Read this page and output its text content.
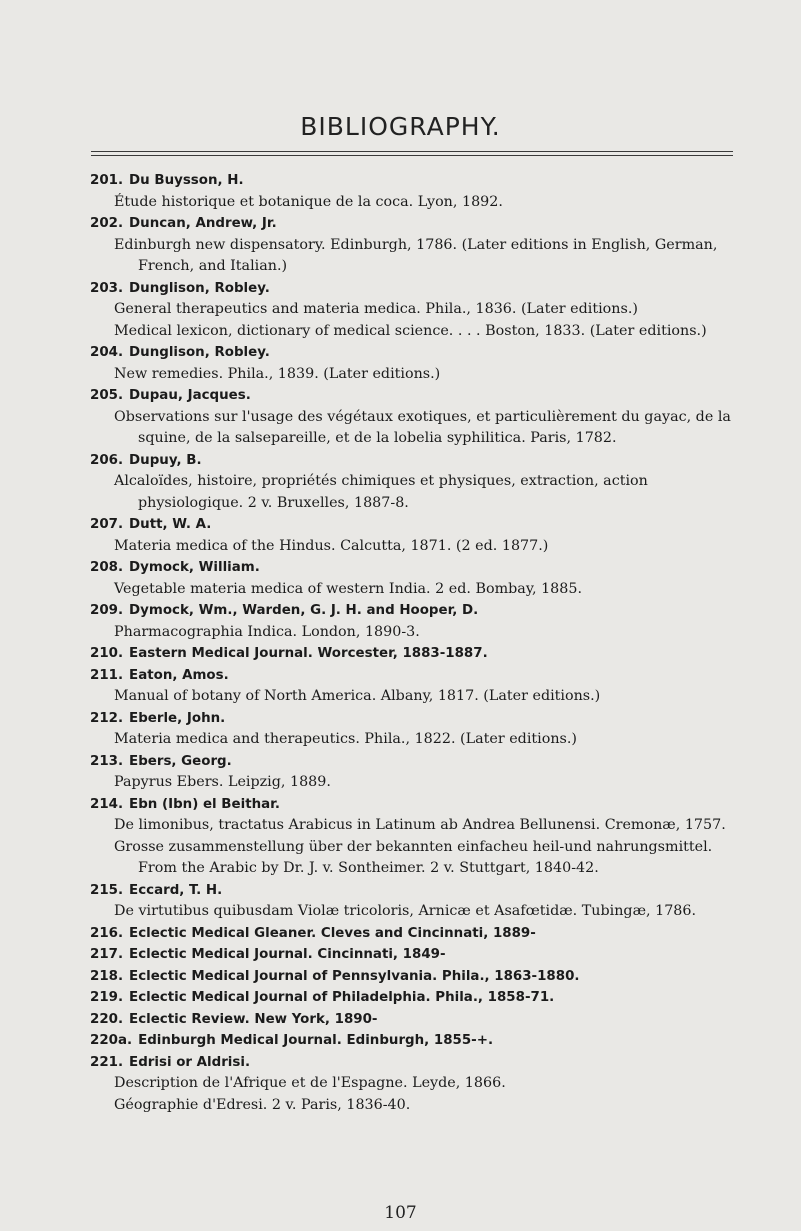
BIBLIOGRAPHY.
201. Du Buysson, H.
Étude historique et botanique de la coca. Lyon, 1892.
202. Duncan, Andrew, Jr.
Edinburgh new dispensatory. Edinburgh, 1786. (Later editions in English, German, French, and Italian.)
203. Dunglison, Robley.
General therapeutics and materia medica. Phila., 1836. (Later editions.)
Medical lexicon, dictionary of medical science. . . . Boston, 1833. (Later editions.)
204. Dunglison, Robley.
New remedies. Phila., 1839. (Later editions.)
205. Dupau, Jacques.
Observations sur l'usage des végétaux exotiques, et particulièrement du gayac, de la squine, de la salsepareille, et de la lobelia syphilitica. Paris, 1782.
206. Dupuy, B.
Alcaloïdes, histoire, propriétés chimiques et physiques, extraction, action physiologique. 2 v. Bruxelles, 1887-8.
207. Dutt, W. A.
Materia medica of the Hindus. Calcutta, 1871. (2 ed. 1877.)
208. Dymock, William.
Vegetable materia medica of western India. 2 ed. Bombay, 1885.
209. Dymock, Wm., Warden, G. J. H. and Hooper, D.
Pharmacographia Indica. London, 1890-3.
210. Eastern Medical Journal. Worcester, 1883-1887.
211. Eaton, Amos.
Manual of botany of North America. Albany, 1817. (Later editions.)
212. Eberle, John.
Materia medica and therapeutics. Phila., 1822. (Later editions.)
213. Ebers, Georg.
Papyrus Ebers. Leipzig, 1889.
214. Ebn (Ibn) el Beithar.
De limonibus, tractatus Arabicus in Latinum ab Andrea Bellunensi. Cremonæ, 1757.
Grosse zusammenstellung über der bekannten einfacheu heil-und nahrungsmittel. From the Arabic by Dr. J. v. Sontheimer. 2 v. Stuttgart, 1840-42.
215. Eccard, T. H.
De virtutibus quibusdam Violæ tricoloris, Arnicæ et Asafœtidæ. Tubingæ, 1786.
216. Eclectic Medical Gleaner. Cleves and Cincinnati, 1889-
217. Eclectic Medical Journal. Cincinnati, 1849-
218. Eclectic Medical Journal of Pennsylvania. Phila., 1863-1880.
219. Eclectic Medical Journal of Philadelphia. Phila., 1858-71.
220. Eclectic Review. New York, 1890-
220a. Edinburgh Medical Journal. Edinburgh, 1855-+.
221. Edrisi or Aldrisi.
Description de l'Afrique et de l'Espagne. Leyde, 1866.
Géographie d'Edresi. 2 v. Paris, 1836-40.
107
